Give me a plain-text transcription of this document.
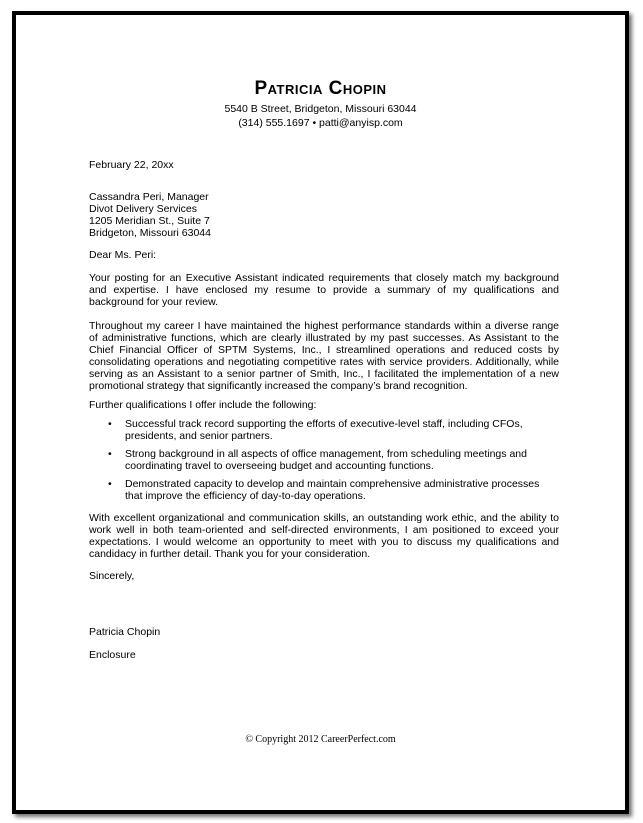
Patricia Chopin
5540 B Street, Bridgeton, Missouri 63044
(314) 555.1697 • patti@anyisp.com
February 22, 20xx
Cassandra Peri, Manager
Divot Delivery Services
1205 Meridian St., Suite 7
Bridgeton, Missouri 63044
Dear Ms. Peri:
Your posting for an Executive Assistant indicated requirements that closely match my background and expertise. I have enclosed my resume to provide a summary of my qualifications and background for your review.
Throughout my career I have maintained the highest performance standards within a diverse range of administrative functions, which are clearly illustrated by my past successes. As Assistant to the Chief Financial Officer of SPTM Systems, Inc., I streamlined operations and reduced costs by consolidating operations and negotiating competitive rates with service providers. Additionally, while serving as an Assistant to a senior partner of Smith, Inc., I facilitated the implementation of a new promotional strategy that significantly increased the company’s brand recognition.
Further qualifications I offer include the following:
• Successful track record supporting the efforts of executive-level staff, including CFOs, presidents, and senior partners.
• Strong background in all aspects of office management, from scheduling meetings and coordinating travel to overseeing budget and accounting functions.
• Demonstrated capacity to develop and maintain comprehensive administrative processes that improve the efficiency of day-to-day operations.
With excellent organizational and communication skills, an outstanding work ethic, and the ability to work well in both team-oriented and self-directed environments, I am positioned to exceed your expectations. I would welcome an opportunity to meet with you to discuss my qualifications and candidacy in further detail. Thank you for your consideration.
Sincerely,
Patricia Chopin
Enclosure
© Copyright 2012 CareerPerfect.com
